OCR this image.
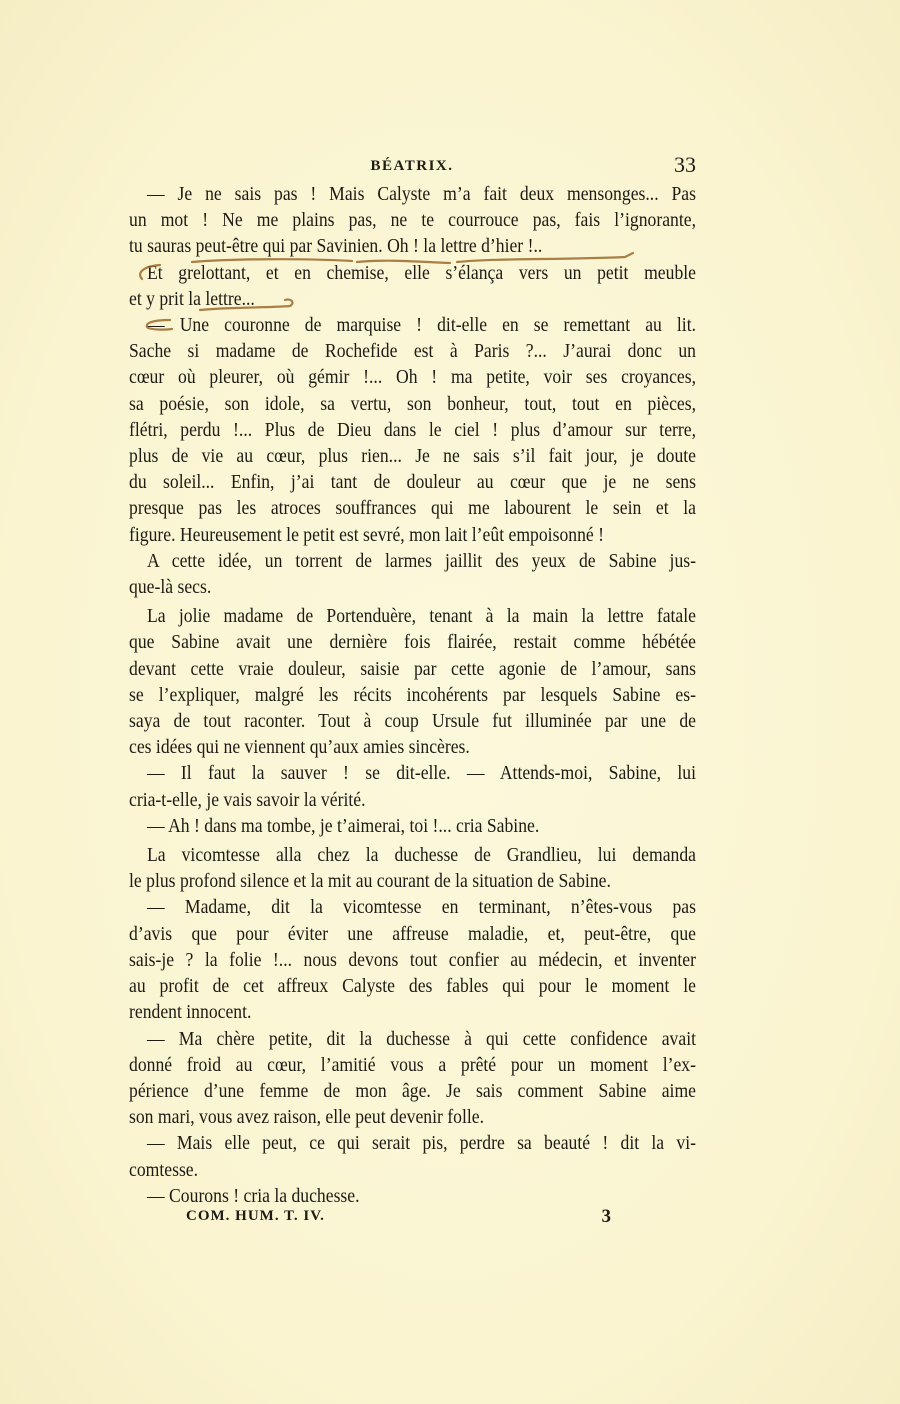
BÉATRIX.	33
— Je ne sais pas ! Mais Calyste m’a fait deux mensonges... Pas
un mot ! Ne me plains pas, ne te courrouce pas, fais l’ignorante,
tu sauras peut-être qui par Savinien. Oh ! la lettre d’hier !..
Et grelottant, et en chemise, elle s’élança vers un petit meuble
et y prit la lettre...
— Une couronne de marquise ! dit-elle en se remettant au lit.
Sache si madame de Rochefide est à Paris ?... J’aurai donc un
cœur où pleurer, où gémir !... Oh ! ma petite, voir ses croyances,
sa poésie, son idole, sa vertu, son bonheur, tout, tout en pièces,
flétri, perdu !... Plus de Dieu dans le ciel ! plus d’amour sur terre,
plus de vie au cœur, plus rien... Je ne sais s’il fait jour, je doute
du soleil... Enfin, j’ai tant de douleur au cœur que je ne sens
presque pas les atroces souffrances qui me labourent le sein et la
figure. Heureusement le petit est sevré, mon lait l’eût empoisonné !
A cette idée, un torrent de larmes jaillit des yeux de Sabine jus-
que-là secs.
La jolie madame de Portenduère, tenant à la main la lettre fatale
que Sabine avait une dernière fois flairée, restait comme hébétée
devant cette vraie douleur, saisie par cette agonie de l’amour, sans
se l’expliquer, malgré les récits incohérents par lesquels Sabine es-
saya de tout raconter. Tout à coup Ursule fut illuminée par une de
ces idées qui ne viennent qu’aux amies sincères.
— Il faut la sauver ! se dit-elle. — Attends-moi, Sabine, lui
cria-t-elle, je vais savoir la vérité.
— Ah ! dans ma tombe, je t’aimerai, toi !... cria Sabine.
La vicomtesse alla chez la duchesse de Grandlieu, lui demanda
le plus profond silence et la mit au courant de la situation de Sabine.
— Madame, dit la vicomtesse en terminant, n’êtes-vous pas
d’avis que pour éviter une affreuse maladie, et, peut-être, que
sais-je ? la folie !... nous devons tout confier au médecin, et inventer
au profit de cet affreux Calyste des fables qui pour le moment le
rendent innocent.
— Ma chère petite, dit la duchesse à qui cette confidence avait
donné froid au cœur, l’amitié vous a prêté pour un moment l’ex-
périence d’une femme de mon âge. Je sais comment Sabine aime
son mari, vous avez raison, elle peut devenir folle.
— Mais elle peut, ce qui serait pis, perdre sa beauté ! dit la vi-
comtesse.
— Courons ! cria la duchesse.
COM. HUM. T. IV.	3
